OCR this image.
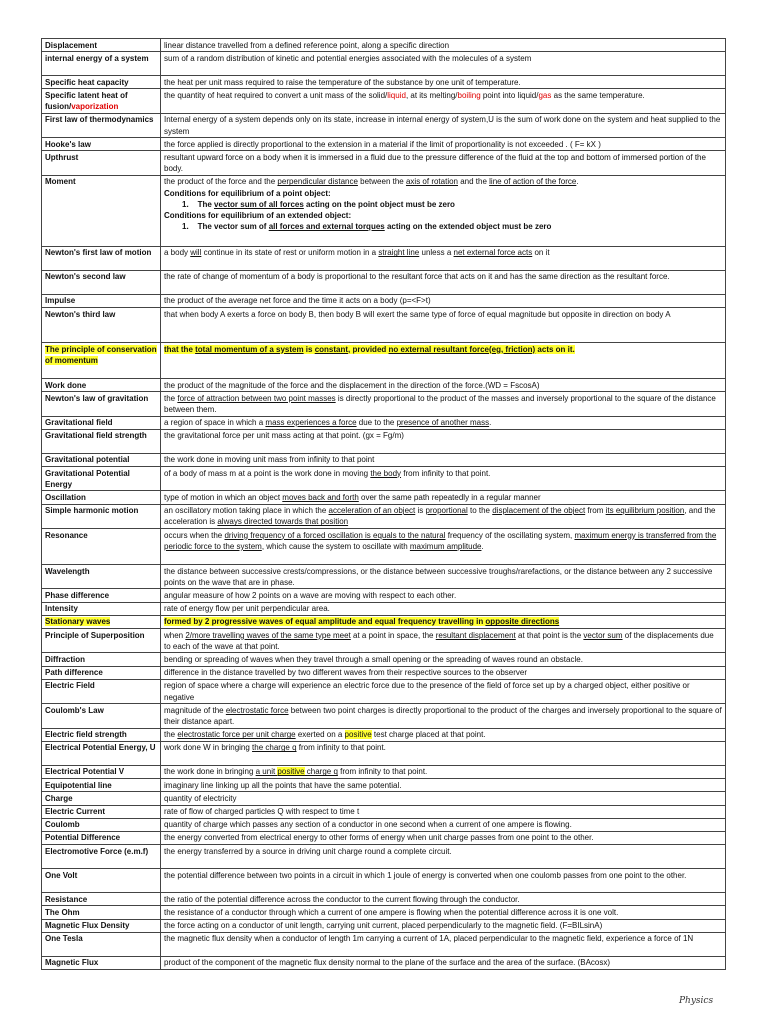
Displacement	linear distance travelled from a defined reference point, along a specific direction
internal energy of a system	sum of a random distribution of kinetic and potential energies associated with the molecules of a system
Specific heat capacity	the heat per unit mass required to raise the temperature of the substance by one unit of temperature.
Specific latent heat of fusion/vaporization	the quantity of heat required to convert a unit mass of the solid/liquid, at its melting/boiling point into liquid/gas as the same temperature.
First law of thermodynamics	Internal energy of a system depends only on its state, increase in internal energy of system,U is the sum of work done on the system and heat supplied to the system
Hooke's law	the force applied is directly proportional to the extension in a material if the limit of proportionality is not exceeded . ( F= kX )
Upthrust	resultant upward force on a body when it is immersed in a fluid due to the pressure difference of the fluid at the top and bottom of immersed portion of the body.
Moment	the product of the force and the perpendicular distance between the axis of rotation and the line of action of the force.
Conditions for equilibrium of a point object:
1. The vector sum of all forces acting on the point object must be zero
Conditions for equilibrium of an extended object:
1. The vector sum of all forces and external torques acting on the extended object must be zero

Newton's first law of motion	a body will continue in its state of rest or uniform motion in a straight line unless a net external force acts on it
Newton's second law	the rate of change of momentum of a body is proportional to the resultant force that acts on it and has the same direction as the resultant force.
Impulse	the product of the average net force and the time it acts on a body (p=<F>t)
Newton's third law	that when body A exerts a force on body B, then body B will exert the same type of force of equal magnitude but opposite in direction on body A
The principle of conservation of momentum	that the total momentum of a system is constant, provided no external resultant force(eg, friction) acts on it.
Work done	the product of the magnitude of the force and the displacement in the direction of the force.(WD = FscosA)
Newton's law of gravitation	the force of attraction between two point masses is directly proportional to the product of the masses and inversely proportional to the square of the distance between them.
Gravitational field	a region of space in which a mass experiences a force due to the presence of another mass.
Gravitational field strength	the gravitational force per unit mass acting at that point. (gx = Fg/m)
Gravitational potential	the work done in moving unit mass from infinity to that point
Gravitational Potential Energy	of a body of mass m at a point is the work done in moving the body from infinity to that point.
Oscillation	type of motion in which an object moves back and forth over the same path repeatedly in a regular manner
Simple harmonic motion	an oscillatory motion taking place in which the acceleration of an object is proportional to the displacement of the object from its equilibrium position, and the acceleration is always directed towards that position
Resonance	occurs when the driving frequency of a forced oscillation is equals to the natural frequency of the oscillating system, maximum energy is transferred from the periodic force to the system, which cause the system to oscillate with maximum amplitude.
Wavelength	the distance between successive crests/compressions, or the distance between successive troughs/rarefactions, or the distance between any 2 successive points on the wave that are in phase.
Phase difference	angular measure of how 2 points on a wave are moving with respect to each other.
Intensity	rate of energy flow per unit perpendicular area.
Stationary waves	formed by 2 progressive waves of equal amplitude and equal frequency travelling in opposite directions
Principle of Superposition	when 2/more travelling waves of the same type meet at a point in space, the resultant displacement at that point is the vector sum of the displacements due to each of the wave at that point.
Diffraction	bending or spreading of waves when they travel through a small opening or the spreading of waves round an obstacle.
Path difference	difference in the distance travelled by two different waves from their respective sources to the observer
Electric Field	region of space where a charge will experience an electric force due to the presence of the field of force set up by a charged object, either positive or negative
Coulomb's Law	magnitude of the electrostatic force between two point charges is directly proportional to the product of the charges and inversely proportional to the square of their distance apart.
Electric field strength	the electrostatic force per unit charge exerted on a positive test charge placed at that point.
Electrical Potential Energy, U	work done W in bringing the charge q from infinity to that point.
Electrical Potential V	the work done in bringing a unit positive charge q from infinity to that point.
Equipotential line	imaginary line linking up all the points that have the same potential.
Charge	quantity of electricity
Electric Current	rate of flow of charged particles Q with respect to time t
Coulomb	quantity of charge which passes any section of a conductor in one second when a current of one ampere is flowing.
Potential Difference	the energy converted from electrical energy to other forms of energy when unit charge passes from one point to the other.
Electromotive Force (e.m.f)	the energy transferred by a source in driving unit charge round a complete circuit.
One Volt	the potential difference between two points in a circuit in which 1 joule of energy is converted when one coulomb passes from one point to the other.
Resistance	the ratio of the potential difference across the conductor to the current flowing through the conductor.
The Ohm	the resistance of a conductor through which a current of one ampere is flowing when the potential difference across it is one volt.
Magnetic Flux Density	the force acting on a conductor of unit length, carrying unit current, placed perpendicularly to the magnetic field. (F=BILsinA)
One Tesla	the magnetic flux density when a conductor of length 1m carrying a current of 1A, placed perpendicular to the magnetic field, experience a force of 1N
Magnetic Flux	product of the component of the magnetic flux density normal to the plane of the surface and the area of the surface. (BAcosx)
Physics
